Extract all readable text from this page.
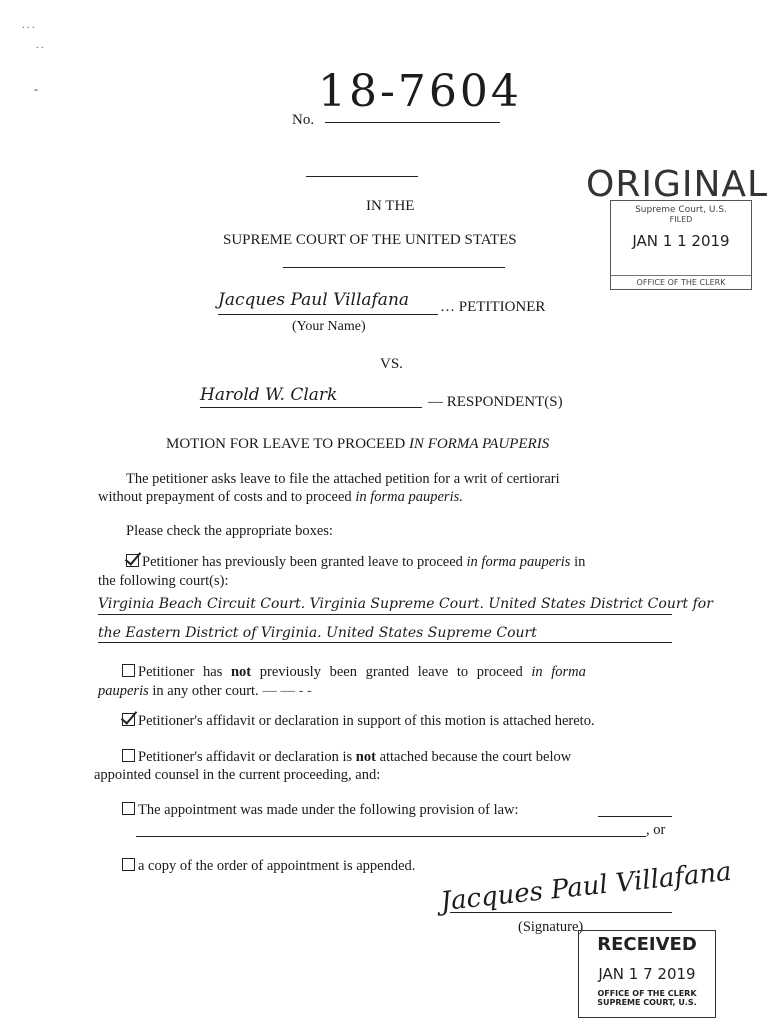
. . .
. .
-
No.
18-7604
ORIGINAL
Supreme Court, U.S.
FILED
JAN 1 1 2019
OFFICE OF THE CLERK
IN THE
SUPREME COURT OF THE UNITED STATES
Jacques Paul Villafana … PETITIONER
(Your Name)
VS.
Harold W. Clark	— RESPONDENT(S)
MOTION FOR LEAVE TO PROCEED IN FORMA PAUPERIS
The petitioner asks leave to file the attached petition for a writ of certiorari
without prepayment of costs and to proceed in forma pauperis.
Please check the appropriate boxes:
Petitioner has previously been granted leave to proceed in forma pauperis in
the following court(s):
Virginia Beach Circuit Court. Virginia Supreme Court. United States District Court for
the Eastern District of Virginia. United States Supreme Court
Petitioner has not previously been granted leave to proceed in forma
pauperis in any other court. — — - -
Petitioner's affidavit or declaration in support of this motion is attached hereto.
Petitioner's affidavit or declaration is not attached because the court below
appointed counsel in the current proceeding, and:
The appointment was made under the following provision of law:
, or
a copy of the order of appointment is appended. Jacques Paul Villafana
(Signature)
RECEIVED
JAN 1 7 2019
OFFICE OF THE CLERK
SUPREME COURT, U.S.
